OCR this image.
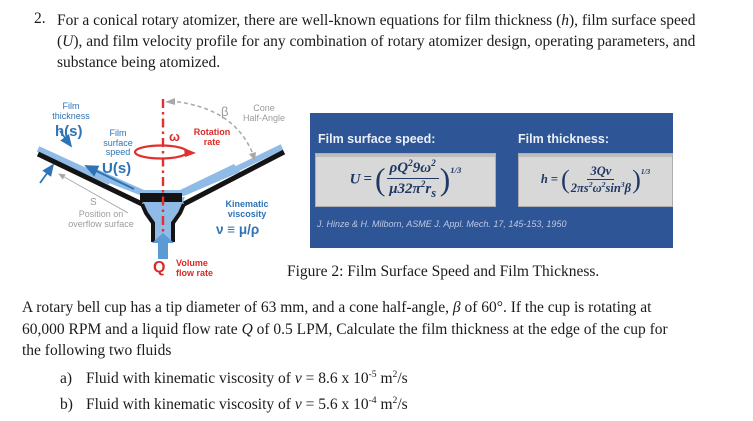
2. For a conical rotary atomizer, there are well-known equations for film thickness (h), film surface speed (U), and film velocity profile for any combination of rotary atomizer design, operating parameters, and substance being atomized.

Film
thickness
h(s)	Film
surface
speed
U(s)
ω	Rotation
rate
β	Cone
Half-Angle
S
Position on
overflow surface
Kinematic
viscosity
ν ≡ μ/ρ
Q Volume
flow rate
Film surface speed:	Film thickness:
U =( $\frac{\rho Q^29\omega^2}{\mu 32\pi^2r_s} )^{1/3}$
h = ( $\frac{3Q\nu}{2\pi s^2\omega^2\sin^3\beta} )^{1/3}$
J. Hinze & H. Milborn, ASME J. Appl. Mech. 17, 145-153, 1950
Figure 2: Film Surface Speed and Film Thickness.

A rotary bell cup has a tip diameter of 63 mm, and a cone half-angle, β of 60°. If the cup is rotating at 60,000 RPM and a liquid flow rate Q of 0.5 LPM, Calculate the film thickness at the edge of the cup for the following two fluids

a) Fluid with kinematic viscosity of ν = 8.6 x $10^{-5}$ $m^2/s$
b) Fluid with kinematic viscosity of ν = 5.6 x $10^{-4}$ $m^2/s$
